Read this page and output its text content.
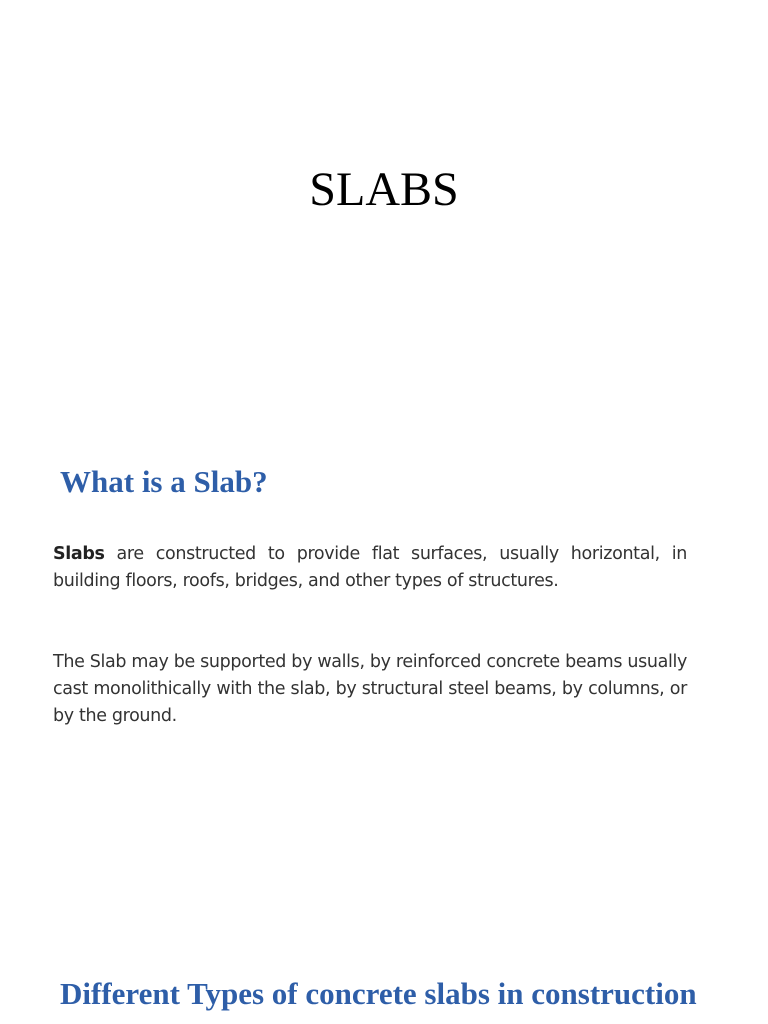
SLABS
What is a Slab?

Slabs are constructed to provide flat surfaces, usually horizontal, in building floors, roofs, bridges, and other types of structures.

The Slab may be supported by walls, by reinforced concrete beams usually cast monolithically with the slab, by structural steel beams, by columns, or by the ground.

Different Types of concrete slabs in construction
